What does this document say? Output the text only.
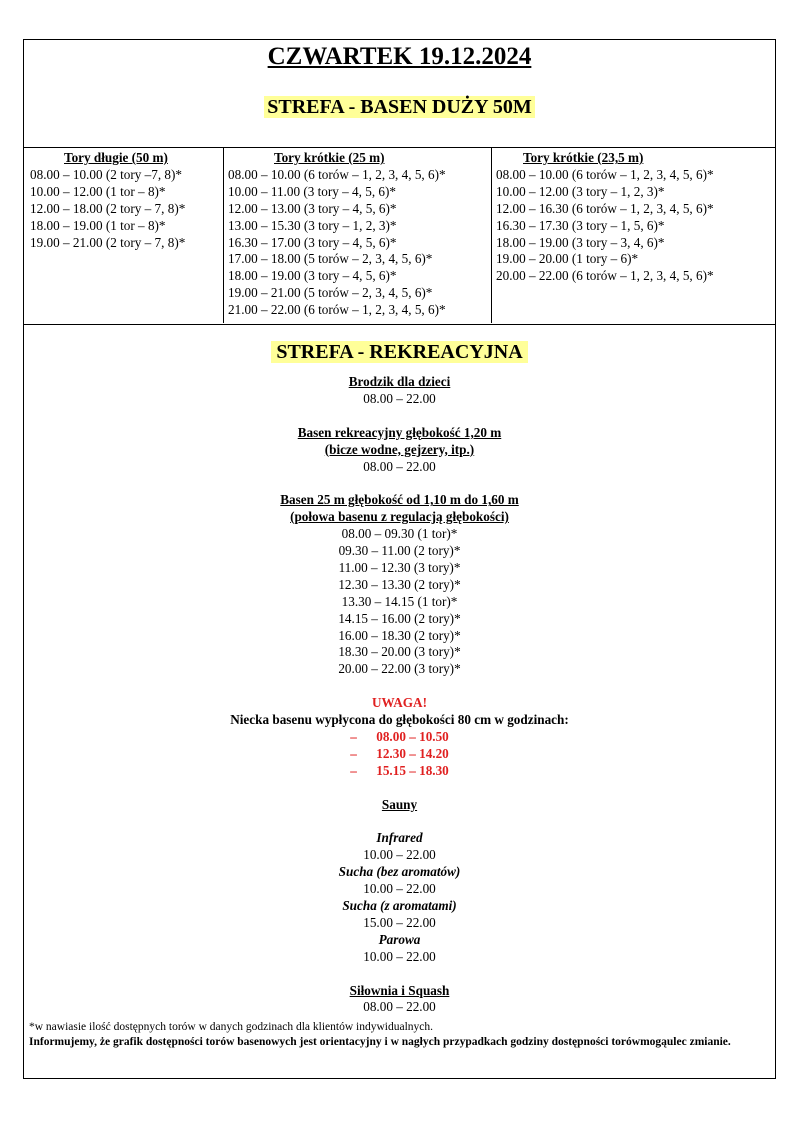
CZWARTEK 19.12.2024
STREFA - BASEN DUŻY 50M
Tory długie (50 m)
08.00 – 10.00 (2 tory –7, 8)*
10.00 – 12.00 (1 tor – 8)*
12.00 – 18.00 (2 tory – 7, 8)*
18.00 – 19.00 (1 tor – 8)*
19.00 – 21.00 (2 tory – 7, 8)*
Tory krótkie (25 m)
08.00 – 10.00 (6 torów – 1, 2, 3, 4, 5, 6)*
10.00 – 11.00 (3 tory – 4, 5, 6)*
12.00 – 13.00 (3 tory – 4, 5, 6)*
13.00 – 15.30 (3 tory – 1, 2, 3)*
16.30 – 17.00 (3 tory – 4, 5, 6)*
17.00 – 18.00 (5 torów – 2, 3, 4, 5, 6)*
18.00 – 19.00 (3 tory – 4, 5, 6)*
19.00 – 21.00 (5 torów – 2, 3, 4, 5, 6)*
21.00 – 22.00 (6 torów – 1, 2, 3, 4, 5, 6)*
Tory krótkie (23,5 m)
08.00 – 10.00 (6 torów – 1, 2, 3, 4, 5, 6)*
10.00 – 12.00 (3 tory – 1, 2, 3)*
12.00 – 16.30 (6 torów – 1, 2, 3, 4, 5, 6)*
16.30 – 17.30 (3 tory – 1, 5, 6)*
18.00 – 19.00 (3 tory – 3, 4, 6)*
19.00 – 20.00 (1 tory – 6)*
20.00 – 22.00 (6 torów – 1, 2, 3, 4, 5, 6)*
STREFA - REKREACYJNA
Brodzik dla dzieci
08.00 – 22.00
Basen rekreacyjny głębokość 1,20 m
(bicze wodne, gejzery, itp.)
08.00 – 22.00
Basen 25 m głębokość od 1,10 m do 1,60 m
(połowa basenu z regulacją głębokości)
08.00 – 09.30 (1 tor)*
09.30 – 11.00 (2 tory)*
11.00 – 12.30 (3 tory)*
12.30 – 13.30 (2 tory)*
13.30 – 14.15 (1 tor)*
14.15 – 16.00 (2 tory)*
16.00 – 18.30 (2 tory)*
18.30 – 20.00 (3 tory)*
20.00 – 22.00 (3 tory)*
UWAGA!
Niecka basenu wypłycona do głębokości 80 cm w godzinach:
– 08.00 – 10.50
– 12.30 – 14.20
– 15.15 – 18.30
Sauny
Infrared
10.00 – 22.00
Sucha (bez aromatów)
10.00 – 22.00
Sucha (z aromatami)
15.00 – 22.00
Parowa
10.00 – 22.00
Siłownia i Squash
08.00 – 22.00
*w nawiasie ilość dostępnych torów w danych godzinach dla klientów indywidualnych.
Informujemy, że grafik dostępności torów basenowych jest orientacyjny i w nagłych przypadkach godziny dostępności torówmogąulec zmianie.
